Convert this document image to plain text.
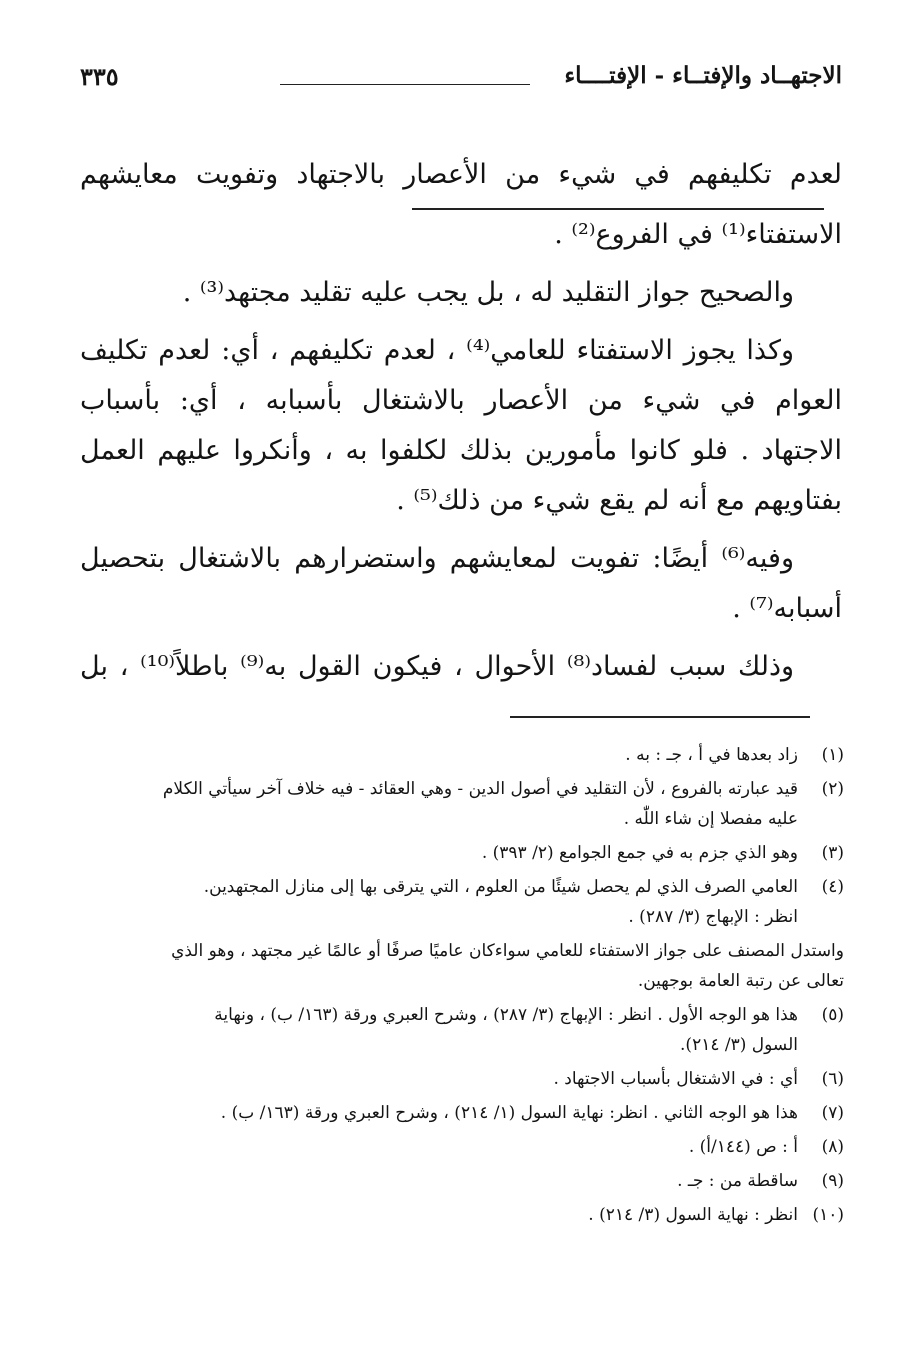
الاجتهــاد والإفتــاء - الإفتــــاء
٣٣٥
لعدم تكليفهم في شيء من الأعصار بالاجتهاد وتفويت معايشهم
الاستفتاء⁽¹⁾ في الفروع⁽²⁾ .
والصحيح جواز التقليد له ، بل يجب عليه تقليد مجتهد⁽³⁾ .
وكذا يجوز الاستفتاء للعامي⁽⁴⁾ ، لعدم تكليفهم ، أي: لعدم تكليف
العوام في شيء من الأعصار بالاشتغال بأسبابه ، أي: بأسباب
الاجتهاد . فلو كانوا مأمورين بذلك لكلفوا به ، وأنكروا عليهم العمل
بفتاويهم مع أنه لم يقع شيء من ذلك⁽⁵⁾ .
وفيه⁽⁶⁾ أيضًا: تفويت لمعايشهم واستضرارهم بالاشتغال بتحصيل
أسبابه⁽⁷⁾ .
وذلك سبب لفساد⁽⁸⁾ الأحوال ، فيكون القول به⁽⁹⁾ باطلاً⁽¹⁰⁾ ، بل
(١)
زاد بعدها في أ ، جـ : به .
(٢)
قيد عبارته بالفروع ، لأن التقليد في أصول الدين - وهي العقائد - فيه خلاف آخر سيأتي الكلام
عليه مفصلا إن شاء اللّٰه .
(٣)
وهو الذي جزم به في جمع الجوامع (٢/ ٣٩٣) .
(٤)
العامي الصرف الذي لم يحصل شيئًا من العلوم ، التي يترقى بها إلى منازل المجتهدين.
انظر : الإبهاج (٣/ ٢٨٧) .
واستدل المصنف على جواز الاستفتاء للعامي سواءكان عاميًا صرفًا أو عالمًا غير مجتهد ، وهو الذي
تعالى عن رتبة العامة بوجهين.
(٥)
هذا هو الوجه الأول . انظر : الإبهاج (٣/ ٢٨٧) ، وشرح العبري ورقة (١٦٣/ ب) ، ونهاية
السول (٣/ ٢١٤).
(٦)
أي : في الاشتغال بأسباب الاجتهاد .
(٧)
هذا هو الوجه الثاني . انظر: نهاية السول (١/ ٢١٤) ، وشرح العبري ورقة (١٦٣/ ب) .
(٨)
أ : ص (١٤٤/أ) .
(٩)
ساقطة من : جـ .
(١٠)
انظر : نهاية السول (٣/ ٢١٤) .
